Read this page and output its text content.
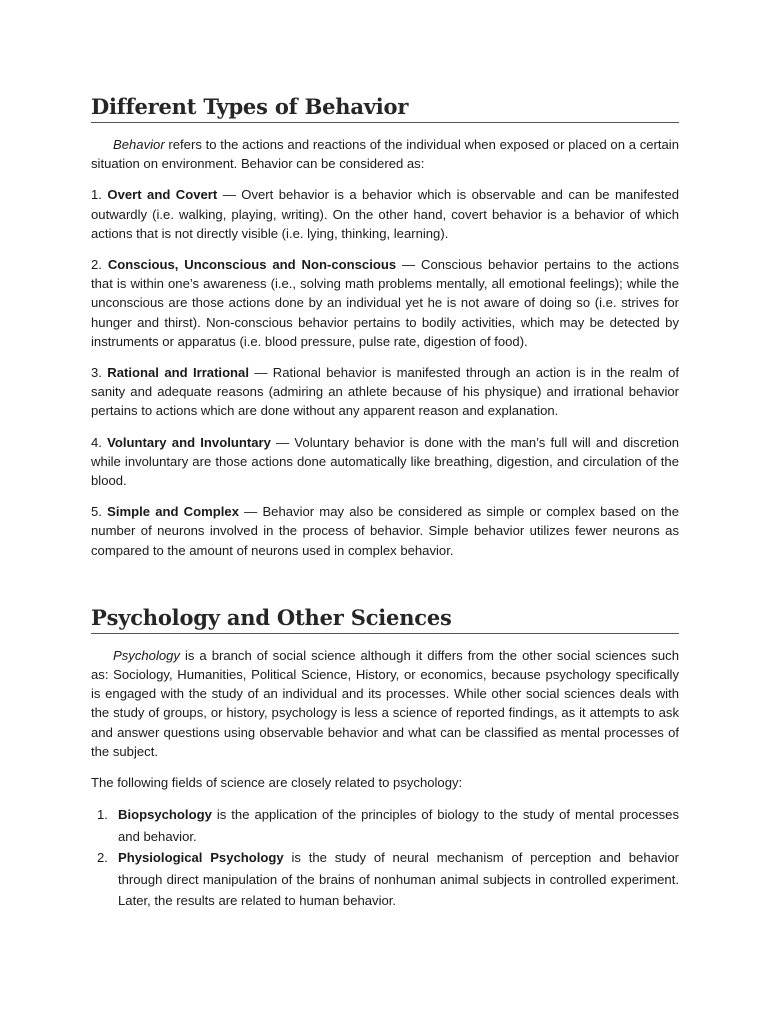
Different Types of Behavior

Behavior refers to the actions and reactions of the individual when exposed or placed on a certain situation on environment. Behavior can be considered as:

1. Overt and Covert — Overt behavior is a behavior which is observable and can be manifested outwardly (i.e. walking, playing, writing). On the other hand, covert behavior is a behavior of which actions that is not directly visible (i.e. lying, thinking, learning).

2. Conscious, Unconscious and Non-conscious — Conscious behavior pertains to the actions that is within one’s awareness (i.e., solving math problems mentally, all emotional feelings); while the unconscious are those actions done by an individual yet he is not aware of doing so (i.e. strives for hunger and thirst). Non-conscious behavior pertains to bodily activities, which may be detected by instruments or apparatus (i.e. blood pressure, pulse rate, digestion of food).

3. Rational and Irrational — Rational behavior is manifested through an action is in the realm of sanity and adequate reasons (admiring an athlete because of his physique) and irrational behavior pertains to actions which are done without any apparent reason and explanation.

4. Voluntary and Involuntary — Voluntary behavior is done with the man’s full will and discretion while involuntary are those actions done automatically like breathing, digestion, and circulation of the blood.

5. Simple and Complex — Behavior may also be considered as simple or complex based on the number of neurons involved in the process of behavior. Simple behavior utilizes fewer neurons as compared to the amount of neurons used in complex behavior.

Psychology and Other Sciences

Psychology is a branch of social science although it differs from the other social sciences such as: Sociology, Humanities, Political Science, History, or economics, because psychology specifically is engaged with the study of an individual and its processes. While other social sciences deals with the study of groups, or history, psychology is less a science of reported findings, as it attempts to ask and answer questions using observable behavior and what can be classified as mental processes of the subject.

The following fields of science are closely related to psychology:

1. Biopsychology is the application of the principles of biology to the study of mental processes and behavior.
2. Physiological Psychology is the study of neural mechanism of perception and behavior through direct manipulation of the brains of nonhuman animal subjects in controlled experiment. Later, the results are related to human behavior.
